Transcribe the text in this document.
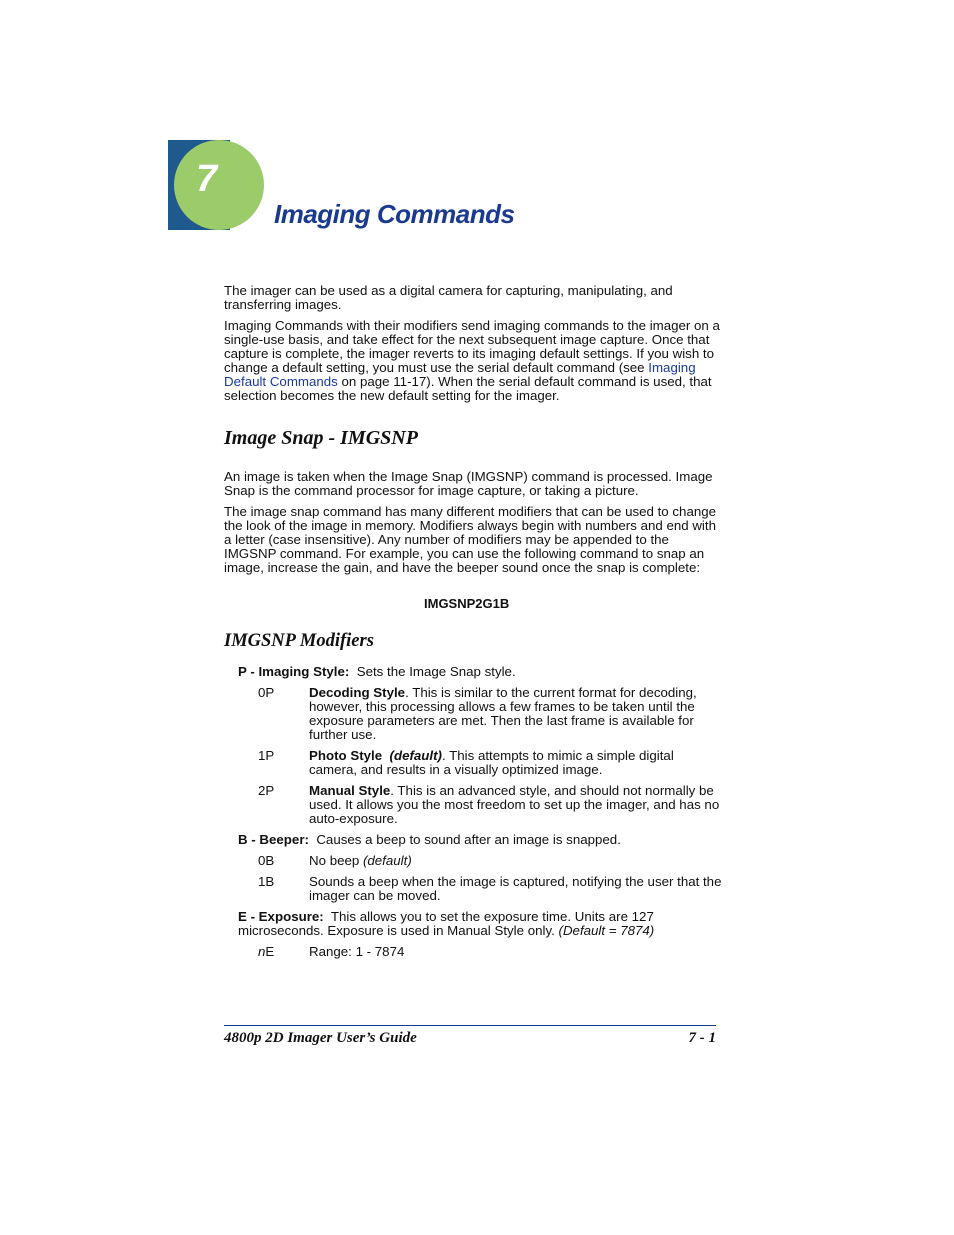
7
Imaging Commands

The imager can be used as a digital camera for capturing, manipulating, and transferring images.

Imaging Commands with their modifiers send imaging commands to the imager on a single-use basis, and take effect for the next subsequent image capture. Once that capture is complete, the imager reverts to its imaging default settings. If you wish to change a default setting, you must use the serial default command (see Imaging Default Commands on page 11-17). When the serial default command is used, that selection becomes the new default setting for the imager.

Image Snap - IMGSNP

An image is taken when the Image Snap (IMGSNP) command is processed. Image Snap is the command processor for image capture, or taking a picture.

The image snap command has many different modifiers that can be used to change the look of the image in memory. Modifiers always begin with numbers and end with a letter (case insensitive). Any number of modifiers may be appended to the IMGSNP command. For example, you can use the following command to snap an image, increase the gain, and have the beeper sound once the snap is complete:

IMGSNP2G1B

IMGSNP Modifiers

P - Imaging Style: Sets the Image Snap style.

0P	Decoding Style. This is similar to the current format for decoding, however, this processing allows a few frames to be taken until the exposure parameters are met. Then the last frame is available for further use.
1P	Photo Style (default). This attempts to mimic a simple digital camera, and results in a visually optimized image.
2P	Manual Style. This is an advanced style, and should not normally be used. It allows you the most freedom to set up the imager, and has no auto-exposure.

B - Beeper: Causes a beep to sound after an image is snapped.

0B	No beep (default)
1B	Sounds a beep when the image is captured, notifying the user that the imager can be moved.

E - Exposure: This allows you to set the exposure time. Units are 127 microseconds. Exposure is used in Manual Style only. (Default = 7874)

nE	Range: 1 - 7874
4800p 2D Imager User’s Guide	7 - 1
